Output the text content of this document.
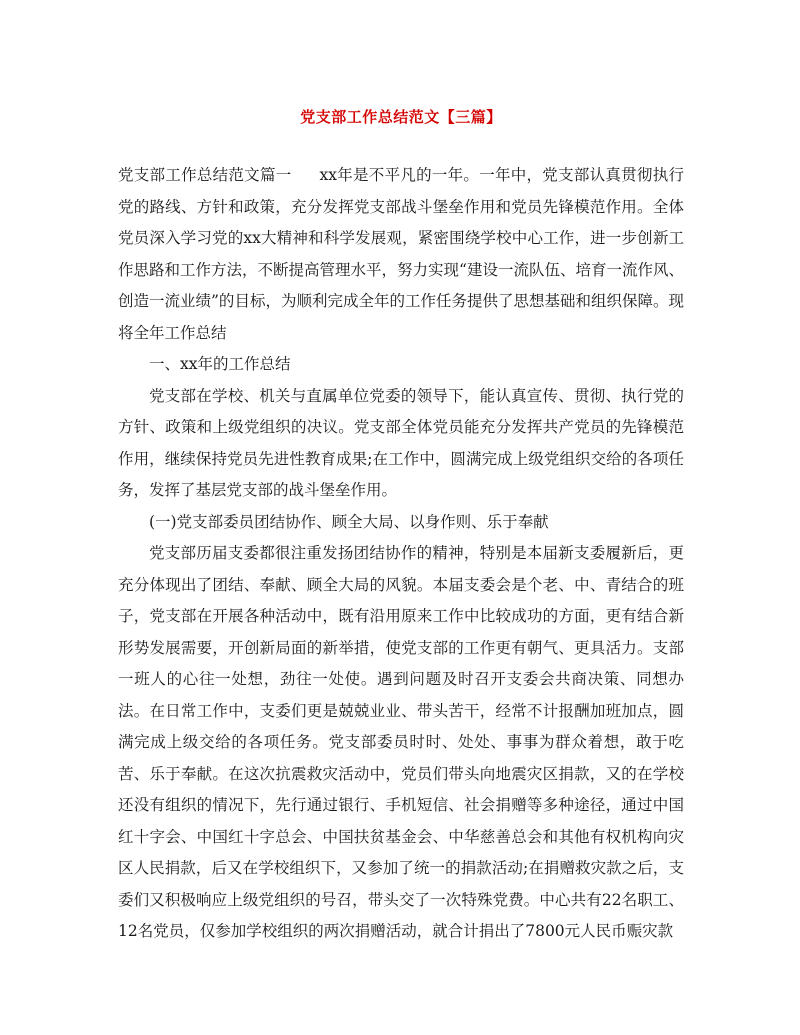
党支部工作总结范文【三篇】

党支部工作总结范文篇一 xx年是不平凡的一年。一年中，党支部认真贯彻执行党的路线、方针和政策，充分发挥党支部战斗堡垒作用和党员先锋模范作用。全体党员深入学习党的xx大精神和科学发展观，紧密围绕学校中心工作，进一步创新工作思路和工作方法，不断提高管理水平，努力实现“建设一流队伍、培育一流作风、创造一流业绩”的目标，为顺利完成全年的工作任务提供了思想基础和组织保障。现将全年工作总结

一、xx年的工作总结

党支部在学校、机关与直属单位党委的领导下，能认真宣传、贯彻、执行党的方针、政策和上级党组织的决议。党支部全体党员能充分发挥共产党员的先锋模范作用，继续保持党员先进性教育成果;在工作中，圆满完成上级党组织交给的各项任务，发挥了基层党支部的战斗堡垒作用。

(一)党支部委员团结协作、顾全大局、以身作则、乐于奉献

党支部历届支委都很注重发扬团结协作的精神，特别是本届新支委履新后，更充分体现出了团结、奉献、顾全大局的风貌。本届支委会是个老、中、青结合的班子，党支部在开展各种活动中，既有沿用原来工作中比较成功的方面，更有结合新形势发展需要，开创新局面的新举措，使党支部的工作更有朝气、更具活力。支部一班人的心往一处想，劲往一处使。遇到问题及时召开支委会共商决策、同想办法。在日常工作中，支委们更是兢兢业业、带头苦干，经常不计报酬加班加点，圆满完成上级交给的各项任务。党支部委员时时、处处、事事为群众着想，敢于吃苦、乐于奉献。在这次抗震救灾活动中，党员们带头向地震灾区捐款，又的在学校还没有组织的情况下，先行通过银行、手机短信、社会捐赠等多种途径，通过中国红十字会、中国红十字总会、中国扶贫基金会、中华慈善总会和其他有权机构向灾区人民捐款，后又在学校组织下，又参加了统一的捐款活动;在捐赠救灾款之后，支委们又积极响应上级党组织的号召，带头交了一次特殊党费。中心共有22名职工、12名党员，仅参加学校组织的两次捐赠活动，就合计捐出了7800元人民币赈灾款
